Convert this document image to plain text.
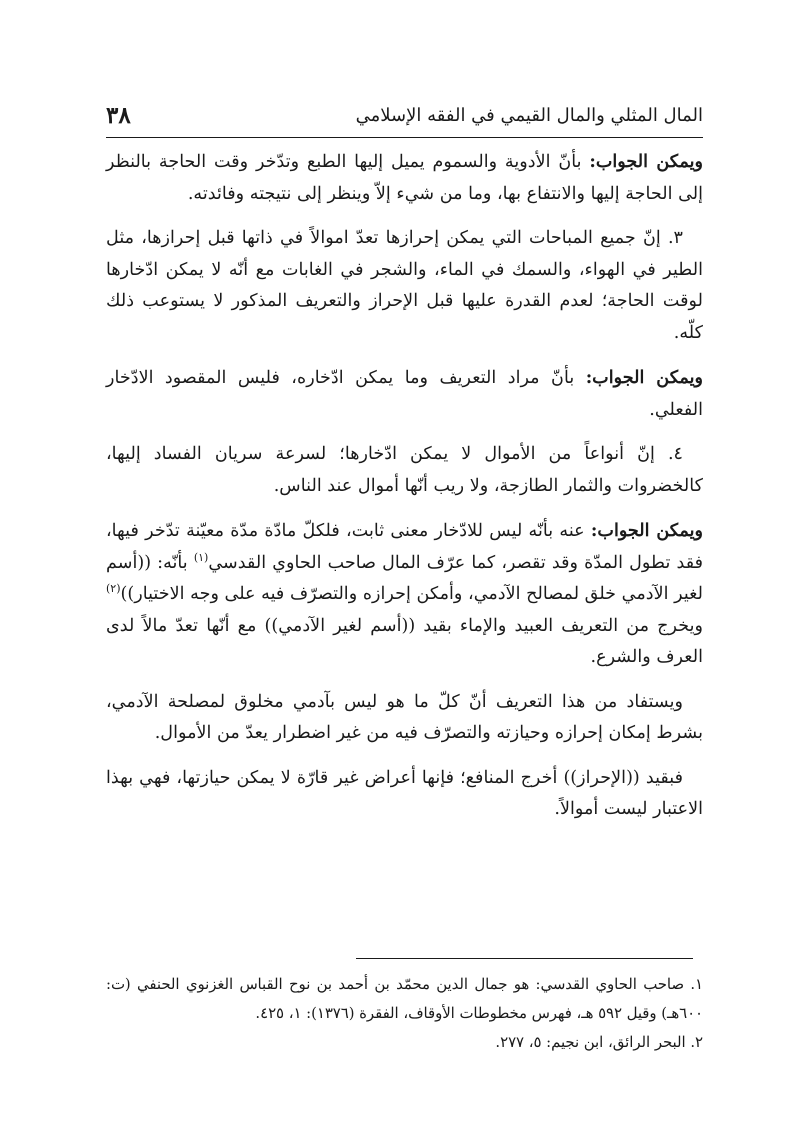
المال المثلي والمال القيمي في الفقه الإسلامي
٣٨

ويمكن الجواب: بأنّ الأدوية والسموم يميل إليها الطبع وتدّخر وقت الحاجة بالنظر إلى الحاجة إليها والانتفاع بها، وما من شيء إلاّ وينظر إلى نتيجته وفائدته.

٣. إنّ جميع المباحات التي يمكن إحرازها تعدّ اموالاً في ذاتها قبل إحرازها، مثل الطير في الهواء، والسمك في الماء، والشجر في الغابات مع أنّه لا يمكن ادّخارها لوقت الحاجة؛ لعدم القدرة عليها قبل الإحراز والتعريف المذكور لا يستوعب ذلك كلّه.

ويمكن الجواب: بأنّ مراد التعريف وما يمكن ادّخاره، فليس المقصود الادّخار الفعلي.

٤. إنّ أنواعاً من الأموال لا يمكن ادّخارها؛ لسرعة سريان الفساد إليها، كالخضروات والثمار الطازجة، ولا ريب أنّها أموال عند الناس.

ويمكن الجواب: عنه بأنّه ليس للادّخار معنى ثابت، فلكلّ مادّة مدّة معيّنة تدّخر فيها، فقد تطول المدّة وقد تقصر، كما عرّف المال صاحب الحاوي القدسي$^{(١)}$ بأنّه: ((أسم لغير الآدمي خلق لمصالح الآدمي، وأمكن إحرازه والتصرّف فيه على وجه الاختيار))$^{(٢)}$ ويخرج من التعريف العبيد والإماء بقيد ((أسم لغير الآدمي)) مع أنّها تعدّ مالاً لدى العرف والشرع.

ويستفاد من هذا التعريف أنّ كلّ ما هو ليس بآدمي مخلوق لمصلحة الآدمي، بشرط إمكان إحرازه وحيازته والتصرّف فيه من غير اضطرار يعدّ من الأموال.

فبقيد ((الإحراز)) أخرج المنافع؛ فإنها أعراض غير قارّة لا يمكن حيازتها، فهي بهذا الاعتبار ليست أموالاً.

١. صاحب الحاوي القدسي: هو جمال الدين محمّد بن أحمد بن نوح القباس الغزنوي الحنفي (ت: ٦٠٠هـ) وقيل ٥٩٢ هـ، فهرس مخطوطات الأوقاف، الفقرة (١٣٧٦): ١، ٤٢٥.

٢. البحر الرائق، ابن نجيم: ٥، ٢٧٧.
